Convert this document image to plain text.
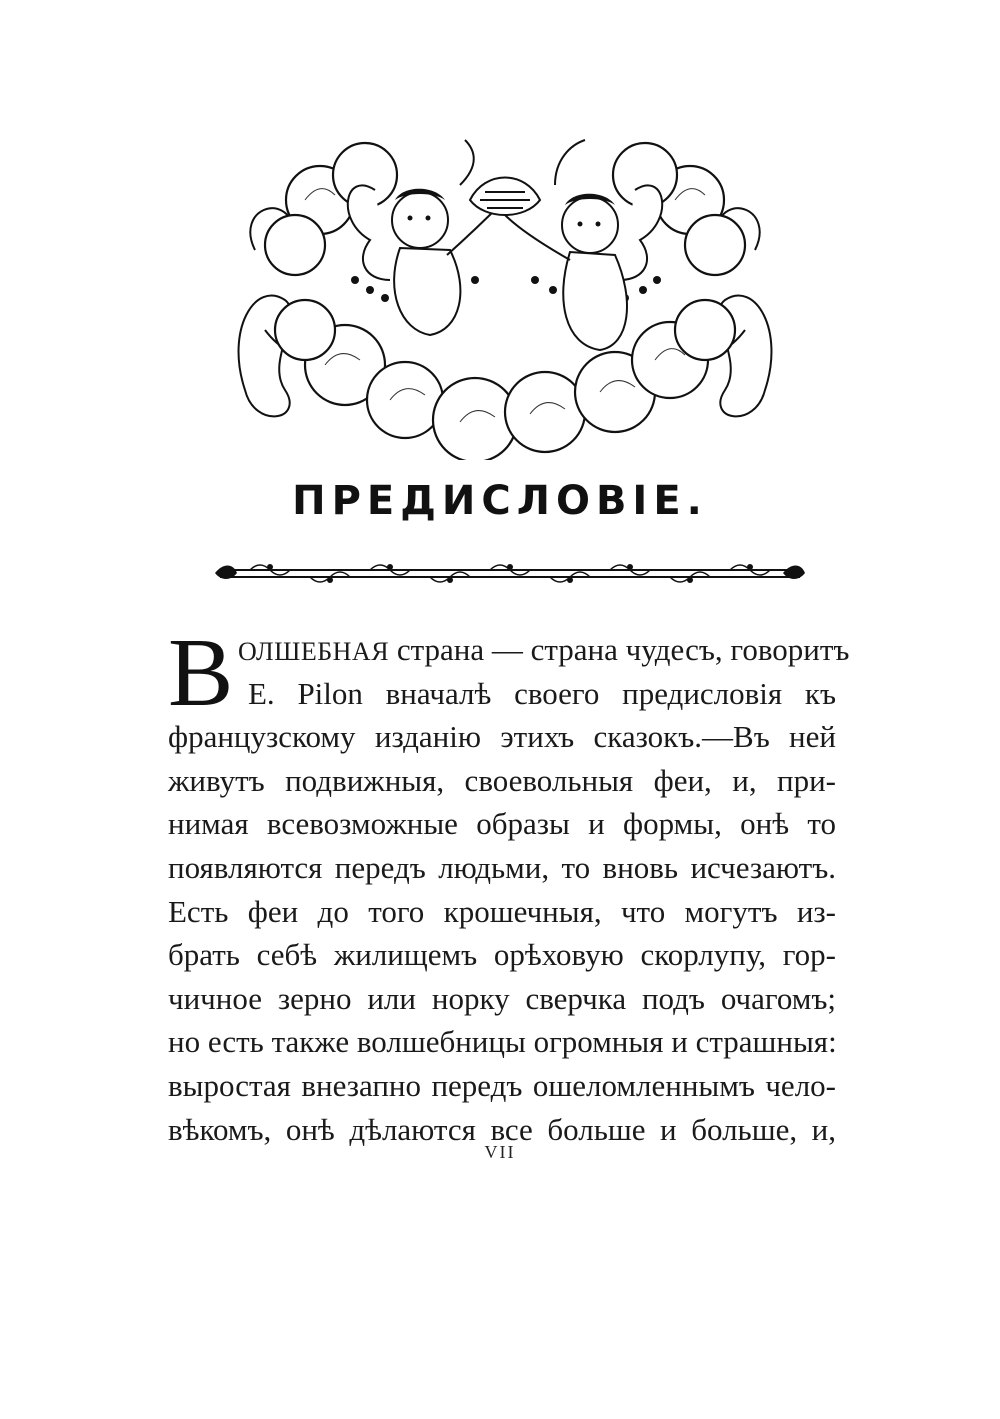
ПРЕДИСЛОВІЕ.
В ОЛШЕБНАЯ страна — страна чудесъ, говоритъ
E. Pilon вначалѣ своего предисловія къ
французскому изданію этихъ сказокъ.—Въ ней
живутъ подвижныя, своевольныя феи, и, при-
нимая всевозможные образы и формы, онѣ то
появляются передъ людьми, то вновь исчезаютъ.
Есть феи до того крошечныя, что могутъ из-
брать себѣ жилищемъ орѣховую скорлупу, гор-
чичное зерно или норку сверчка подъ очагомъ;
но есть также волшебницы огромныя и страшныя:
выростая внезапно передъ ошеломленнымъ чело-
вѣкомъ, онѣ дѣлаются все больше и больше, и,
VII
